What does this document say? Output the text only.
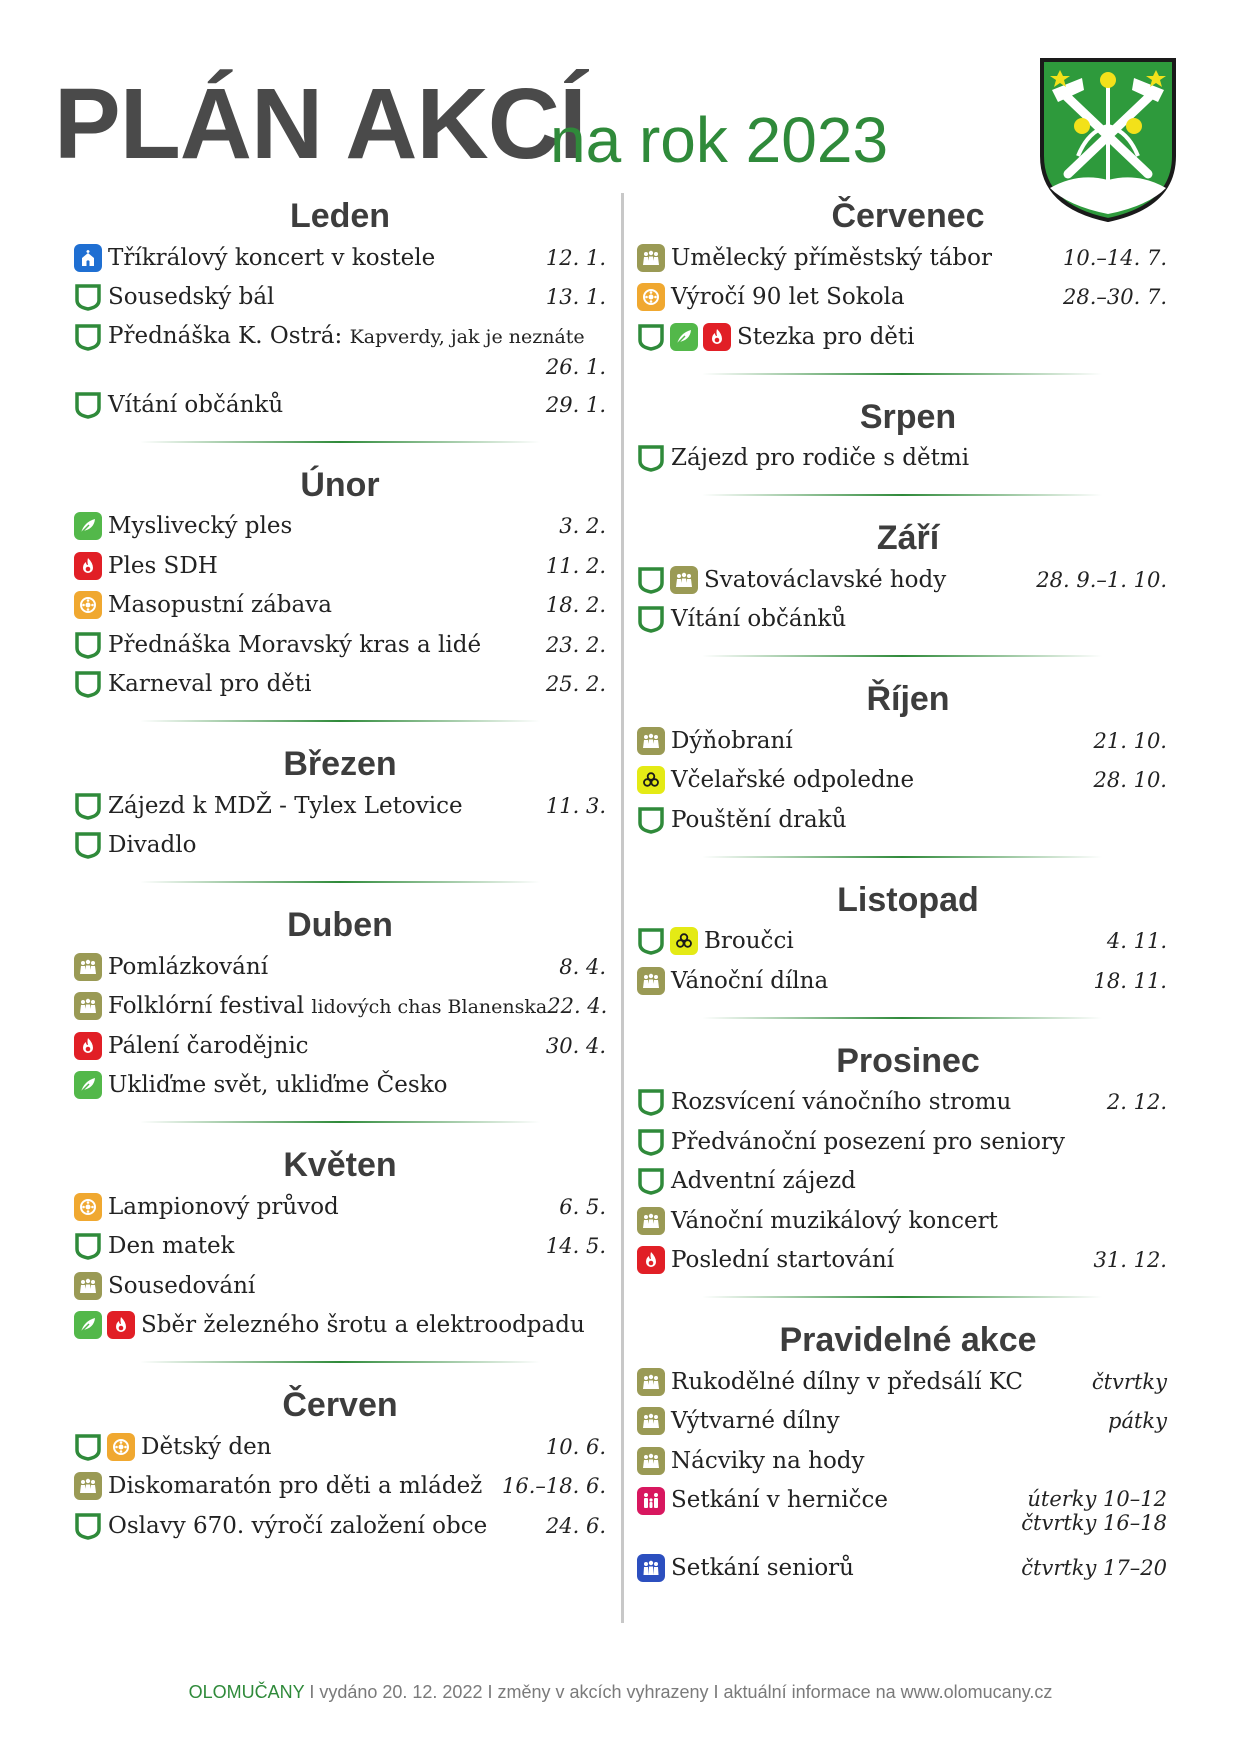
PLÁN AKCÍ
na rok 2023
Leden
Tříkrálový koncert v kostele	12. 1.
Sousedský bál	13. 1.
Přednáška K. Ostrá: Kapverdy, jak je neznáte
26. 1.
Vítání občánků	29. 1.
Únor
Myslivecký ples	3. 2.
Ples SDH	11. 2.
Masopustní zábava	18. 2.
Přednáška Moravský kras a lidé	23. 2.
Karneval pro děti	25. 2.
Březen
Zájezd k MDŽ - Tylex Letovice	11. 3.
Divadlo
Duben
Pomlázkování	8. 4.
Folklórní festival lidových chas Blanenska 22. 4.
Pálení čarodějnic	30. 4.
Ukliďme svět, ukliďme Česko
Květen
Lampionový průvod	6. 5.
Den matek	14. 5.
Sousedování
Sběr železného šrotu a elektroodpadu
Červen
Dětský den	10. 6.
Diskomaratón pro děti a mládež 16.–18. 6.
Oslavy 670. výročí založení obce	24. 6.
Červenec
Umělecký příměstský tábor	10.–14. 7.
Výročí 90 let Sokola	28.–30. 7.
Stezka pro děti
Srpen
Zájezd pro rodiče s dětmi
Září
Svatováclavské hody	28. 9.–1. 10.
Vítání občánků
Říjen
Dýňobraní	21. 10.
Včelařské odpoledne	28. 10.
Pouštění draků
Listopad
Broučci	4. 11.
Vánoční dílna	18. 11.
Prosinec
Rozsvícení vánočního stromu	2. 12.
Předvánoční posezení pro seniory
Adventní zájezd
Vánoční muzikálový koncert
Poslední startování	31. 12.
Pravidelné akce
Rukodělné dílny v předsálí KC	čtvrtky
Výtvarné dílny	pátky
Nácviky na hody
Setkání v herničce	úterky 10–12
čtvrtky 16–18
Setkání seniorů	čtvrtky 17–20
OLOMUČANY I vydáno 20. 12. 2022 I změny v akcích vyhrazeny I aktuální informace na www.olomucany.cz
